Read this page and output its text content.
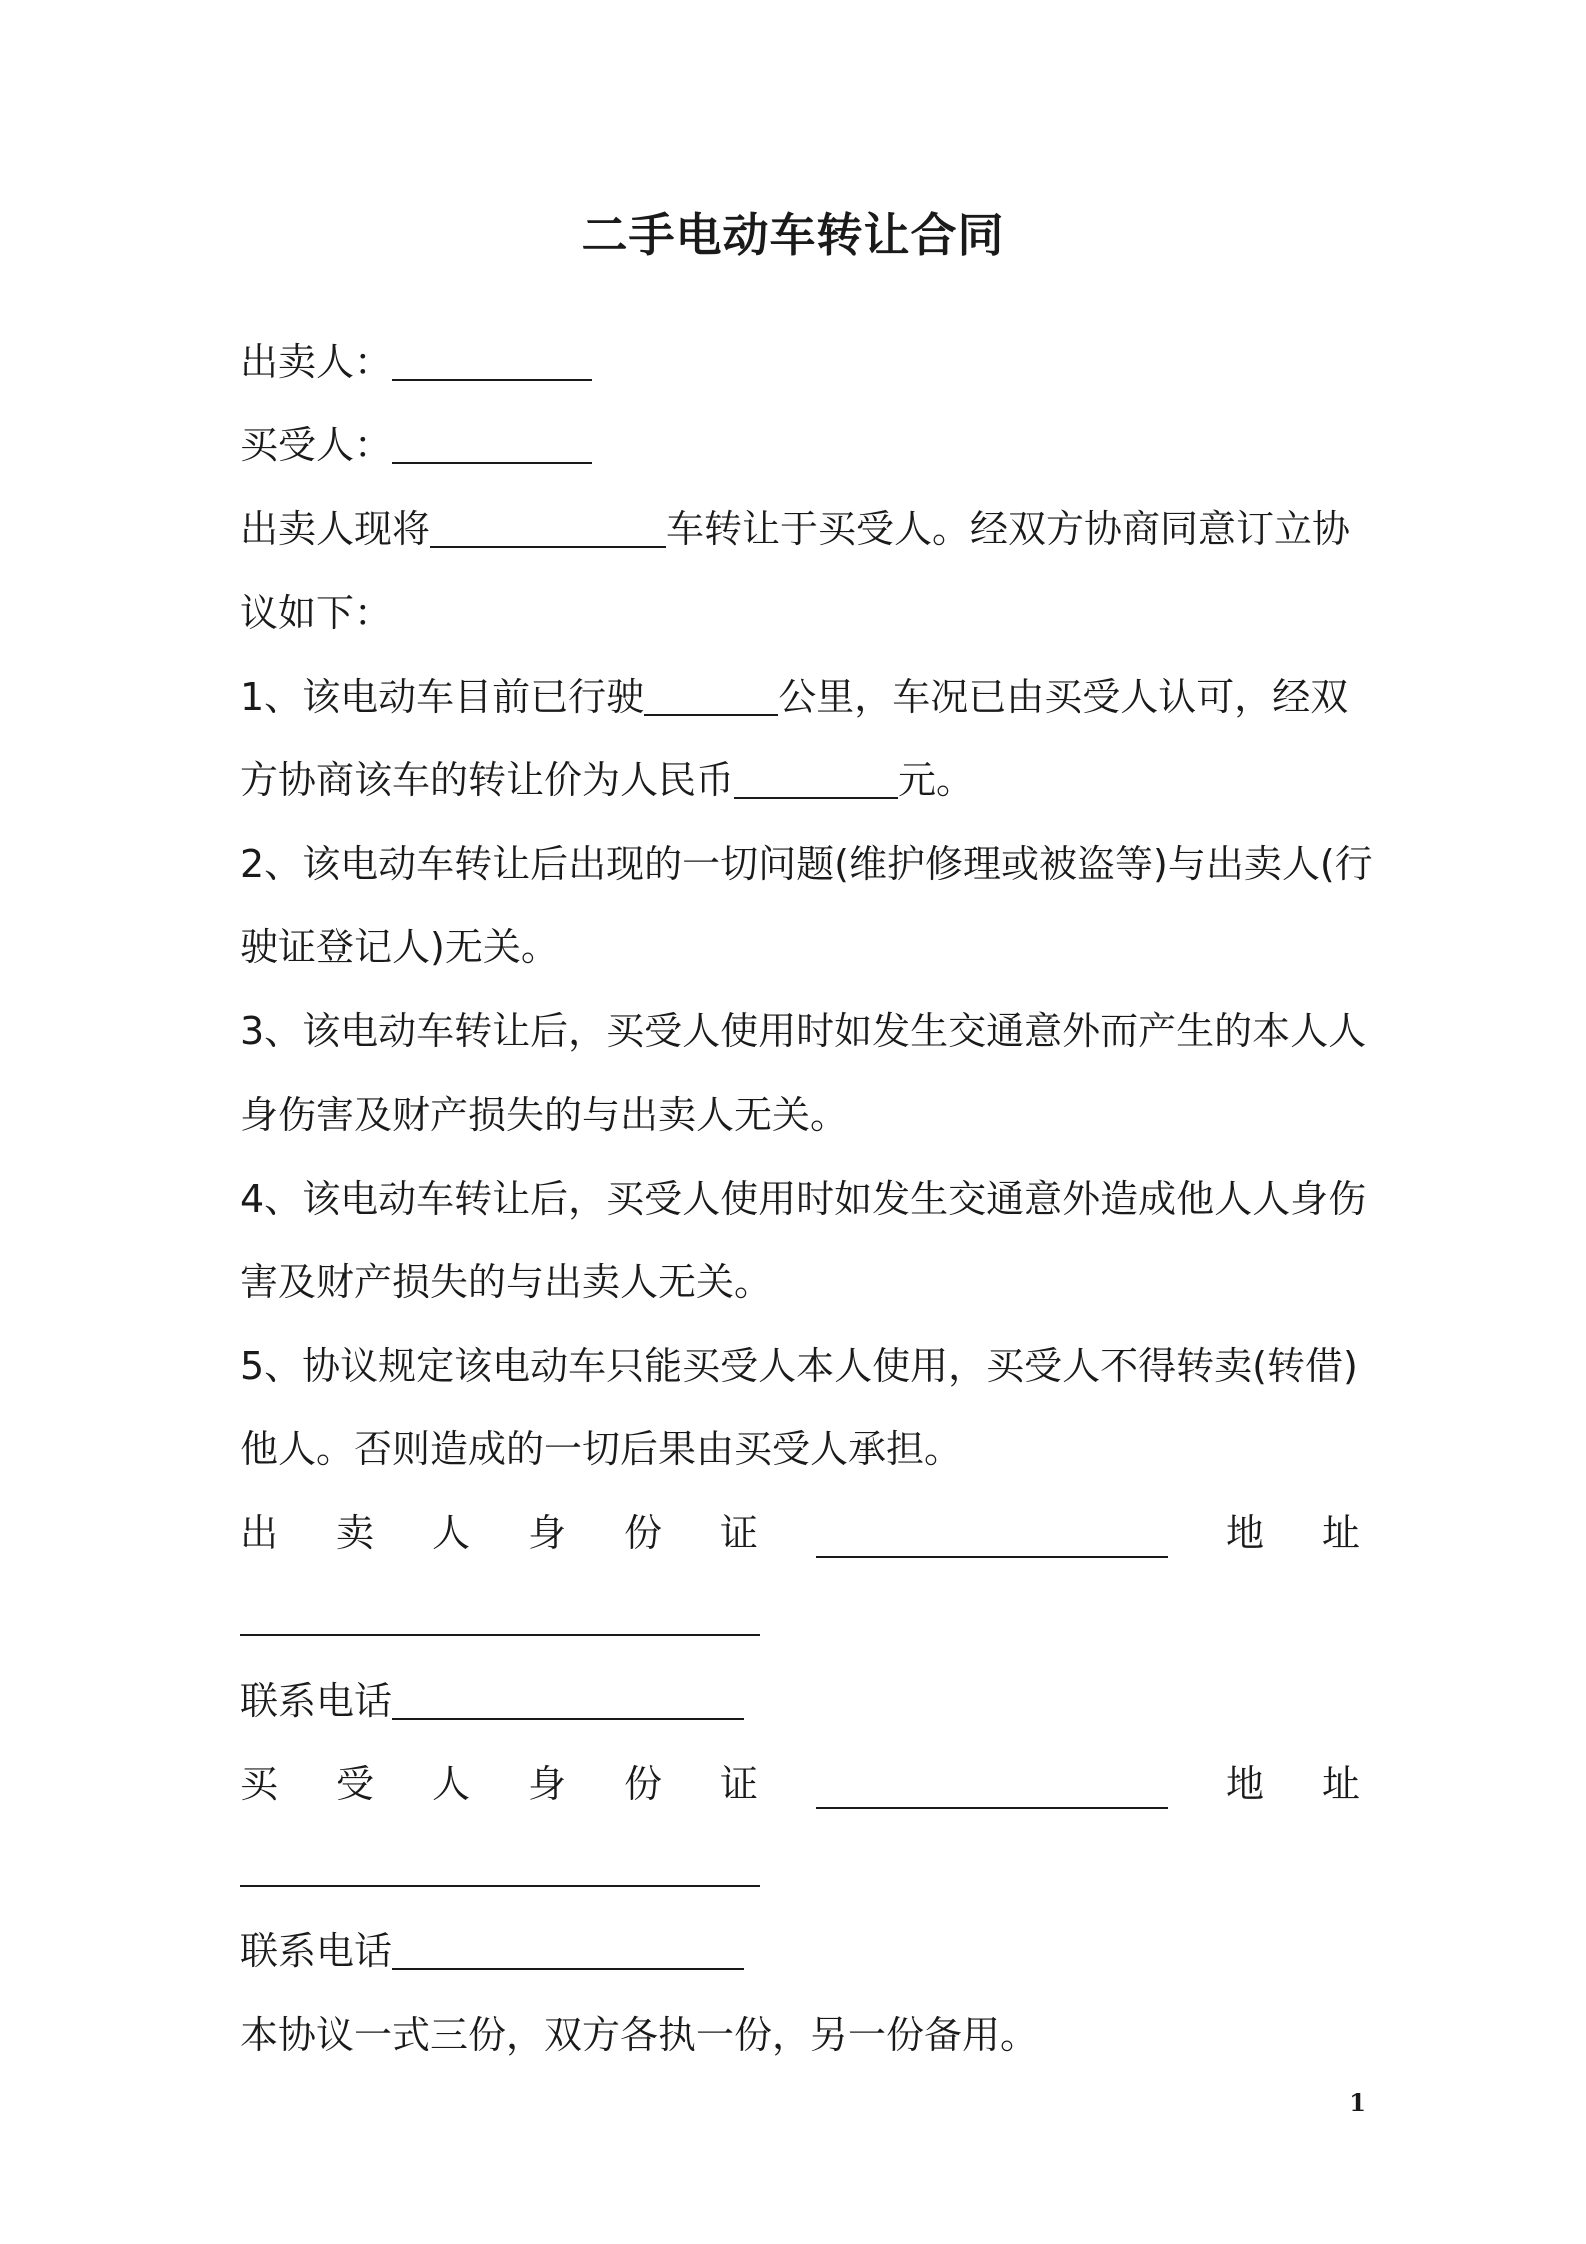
二手电动车转让合同
出卖人：
买受人：
出卖人现将	车转让于买受人。经双方协商同意订立协
议如下：
1、该电动车目前已行驶	公里，车况已由买受人认可，经双
方协商该车的转让价为人民币	元。
2、该电动车转让后出现的一切问题(维护修理或被盗等)与出卖人(行
驶证登记人)无关。
3、该电动车转让后，买受人使用时如发生交通意外而产生的本人人
身伤害及财产损失的与出卖人无关。
4、该电动车转让后，买受人使用时如发生交通意外造成他人人身伤
害及财产损失的与出卖人无关。
5、协议规定该电动车只能买受人本人使用，买受人不得转卖(转借)
他人。否则造成的一切后果由买受人承担。
出 卖 人 身 份 证	地 址
联系电话
买 受 人 身 份 证	地 址
联系电话
本协议一式三份，双方各执一份，另一份备用。
1
